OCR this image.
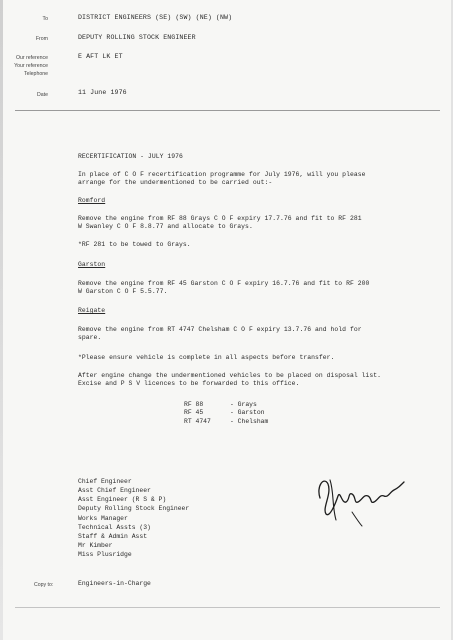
To	DISTRICT ENGINEERS (SE) (SW) (NE) (NW)
From	DEPUTY ROLLING STOCK ENGINEER
Our reference	E AFT LK ET
Your reference
Telephone
Date	11 June 1976
RECERTIFICATION - JULY 1976
In place of C O F recertification programme for July 1976, will you please
arrange for the undermentioned to be carried out:-
Romford
Remove the engine from RF 88 Grays C O F expiry 17.7.76 and fit to RF 281
W Swanley C O F 8.8.77 and allocate to Grays.
*RF 281 to be towed to Grays.
Garston
Remove the engine from RF 45 Garston C O F expiry 16.7.76 and fit to RF 200
W Garston C O F 5.5.77.
Reigate
Remove the engine from RT 4747 Chelsham C O F expiry 13.7.76 and hold for
spare.
*Please ensure vehicle is complete in all aspects before transfer.
After engine change the undermentioned vehicles to be placed on disposal list.
Excise and P S V licences to be forwarded to this office.
RF 88	- Grays
RF 45	- Garston
RT 4747	- Chelsham
Chief Engineer
Asst Chief Engineer
Asst Engineer (R S & P)
Deputy Rolling Stock Engineer
Works Manager
Technical Assts (3)
Staff & Admin Asst
Mr Kimber
Miss Plusridge
Copy to:	Engineers-in-Charge
